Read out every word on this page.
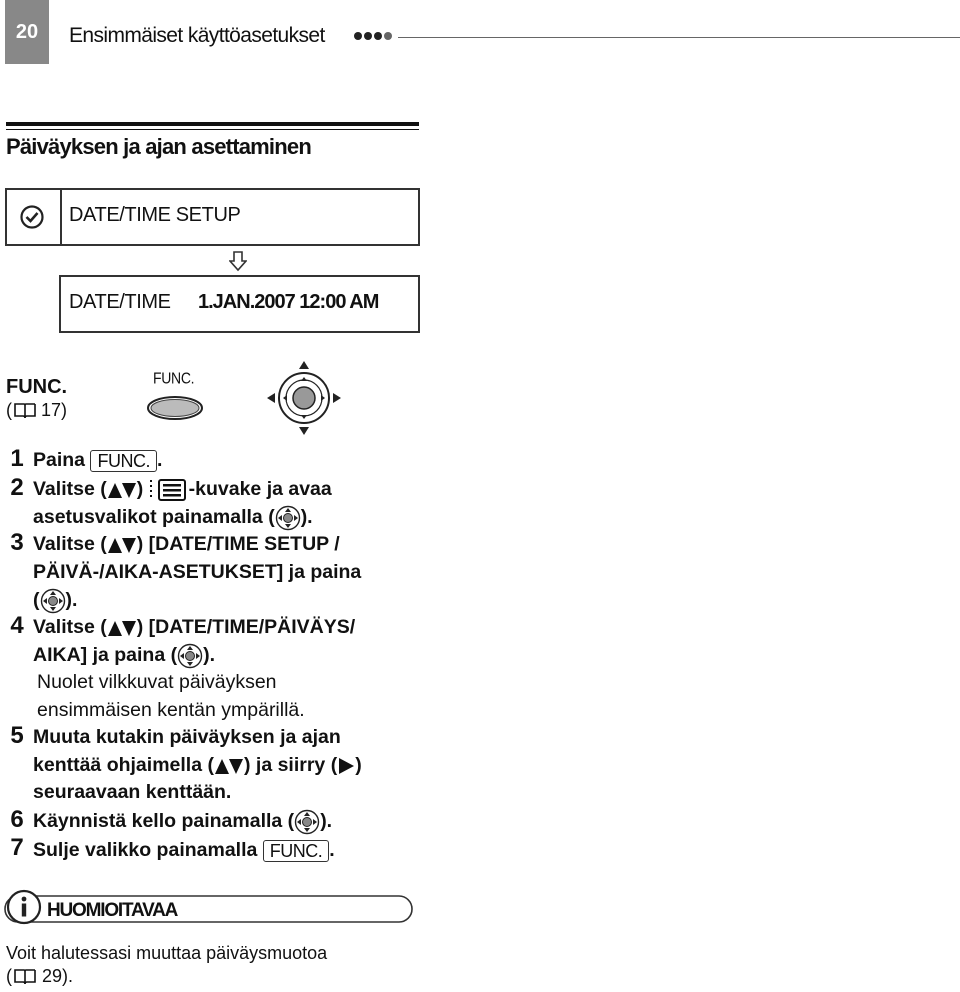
20	Ensimmäiset käyttöasetukset
Päiväyksen ja ajan asettaminen
DATE/TIME SETUP
DATE/TIME 1.JAN.2007 12:00 AM
FUNC.
( 17)
FUNC.
1 Paina FUNC. .
2 Valitse ( ) -kuvake ja avaa
asetusvalikot painamalla ( ).
3 Valitse ( ) [DATE/TIME SETUP /
PÄIVÄ-/AIKA-ASETUKSET] ja paina
( ).
4 Valitse ( ) [DATE/TIME/PÄIVÄYS/
AIKA] ja paina ( ).
Nuolet vilkkuvat päiväyksen
ensimmäisen kentän ympärillä.
5 Muuta kutakin päiväyksen ja ajan
kenttää ohjaimella ( ) ja siirry ( )
seuraavaan kenttään.
6 Käynnistä kello painamalla ( ).
7 Sulje valikko painamalla FUNC. .
HUOMIOITAVAA
Voit halutessasi muuttaa päiväysmuotoa
( 29).
